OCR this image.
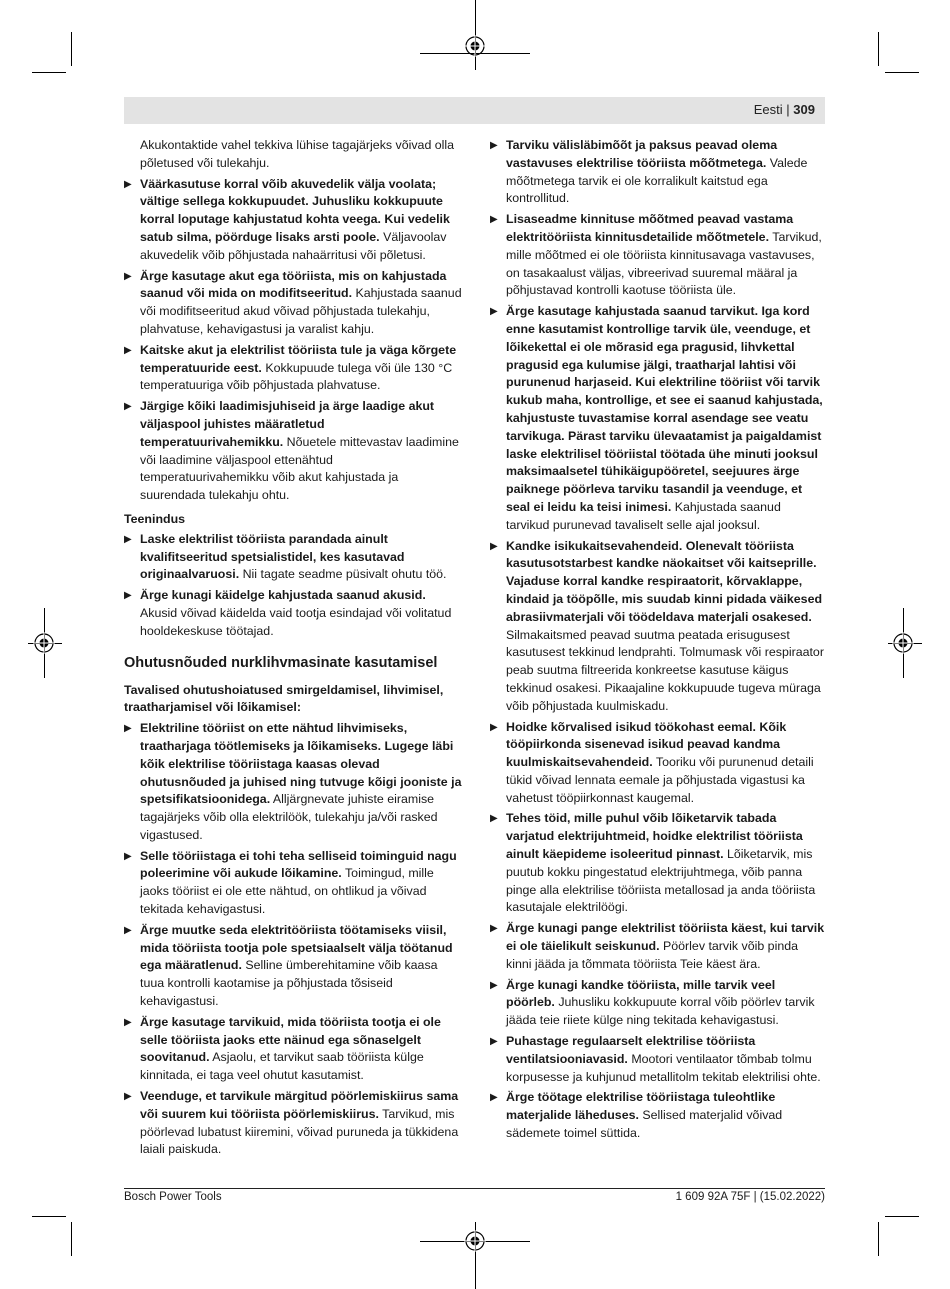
Eesti | 309
Akukontaktide vahel tekkiva lühise tagajärjeks võivad olla põletused või tulekahju.
▶ Väärkasutuse korral võib akuvedelik välja voolata; vältige sellega kokkupuudet. Juhusliku kokkupuute korral loputage kahjustatud kohta veega. Kui vedelik satub silma, pöörduge lisaks arsti poole. Väljavoolav akuvedelik võib põhjustada nahaärritusi või põletusi.
▶ Ärge kasutage akut ega tööriista, mis on kahjustada saanud või mida on modifitseeritud. Kahjustada saanud või modifitseeritud akud võivad põhjustada tulekahju, plahvatuse, kehavigastusi ja varalist kahju.
▶ Kaitske akut ja elektrilist tööriista tule ja väga kõrgete temperatuuride eest. Kokkupuude tulega või üle 130 °C temperatuuriga võib põhjustada plahvatuse.
▶ Järgige kõiki laadimisjuhiseid ja ärge laadige akut väljaspool juhistes määratletud temperatuurivahemikku. Nõuetele mittevastav laadimine või laadimine väljaspool ettenähtud temperatuurivahemikku võib akut kahjustada ja suurendada tulekahju ohtu.
Teenindus
▶ Laske elektrilist tööriista parandada ainult kvalifitseeritud spetsialistidel, kes kasutavad originaalvaruosi. Nii tagate seadme püsivalt ohutu töö.
▶ Ärge kunagi käidelge kahjustada saanud akusid. Akusid võivad käidelda vaid tootja esindajad või volitatud hooldekeskuse töötajad.
Ohutusnõuded nurklihvmasinate kasutamisel
Tavalised ohutushoiatused smirgeldamisel, lihvimisel, traatharjamisel või lõikamisel:
▶ Elektriline tööriist on ette nähtud lihvimiseks, traatharjaga töötlemiseks ja lõikamiseks. Lugege läbi kõik elektrilise tööriistaga kaasas olevad ohutusnõuded ja juhised ning tutvuge kõigi jooniste ja spetsifikatsioonidega. Alljärgnevate juhiste eiramise tagajärjeks võib olla elektrilöök, tulekahju ja/või rasked vigastused.
▶ Selle tööriistaga ei tohi teha selliseid toiminguid nagu poleerimine või aukude lõikamine. Toimingud, mille jaoks tööriist ei ole ette nähtud, on ohtlikud ja võivad tekitada kehavigastusi.
▶ Ärge muutke seda elektritööriista töötamiseks viisil, mida tööriista tootja pole spetsiaalselt välja töötanud ega määratlenud. Selline ümberehitamine võib kaasa tuua kontrolli kaotamise ja põhjustada tõsiseid kehavigastusi.
▶ Ärge kasutage tarvikuid, mida tööriista tootja ei ole selle tööriista jaoks ette näinud ega sõnaselgelt soovitanud. Asjaolu, et tarvikut saab tööriista külge kinnitada, ei taga veel ohutut kasutamist.
▶ Veenduge, et tarvikule märgitud pöörlemiskiirus sama või suurem kui tööriista pöörlemiskiirus. Tarvikud, mis pöörlevad lubatust kiiremini, võivad puruneda ja tükkidena laiali paiskuda.
▶ Tarviku välisläbimõõt ja paksus peavad olema vastavuses elektrilise tööriista mõõtmetega. Valede mõõtmetega tarvik ei ole korralikult kaitstud ega kontrollitud.
▶ Lisaseadme kinnituse mõõtmed peavad vastama elektritööriista kinnitusdetailide mõõtmetele. Tarvikud, mille mõõtmed ei ole tööriista kinnitusavaga vastavuses, on tasakaalust väljas, vibreerivad suuremal määral ja põhjustavad kontrolli kaotuse tööriista üle.
▶ Ärge kasutage kahjustada saanud tarvikut. Iga kord enne kasutamist kontrollige tarvik üle, veenduge, et lõikekettal ei ole mõrasid ega pragusid, lihvkettal pragusid ega kulumise jälgi, traatharjal lahtisi või purunenud harjaseid. Kui elektriline tööriist või tarvik kukub maha, kontrollige, et see ei saanud kahjustada, kahjustuste tuvastamise korral asendage see veatu tarvikuga. Pärast tarviku ülevaatamist ja paigaldamist laske elektrilisel tööriistal töötada ühe minuti jooksul maksimaalsetel tühikäigupööretel, seejuures ärge paiknege pöörleva tarviku tasandil ja veenduge, et seal ei leidu ka teisi inimesi. Kahjustada saanud tarvikud purunevad tavaliselt selle ajal jooksul.
▶ Kandke isikukaitsevahendeid. Olenevalt tööriista kasutusotstarbest kandke näokaitset või kaitseprille. Vajaduse korral kandke respiraatorit, kõrvaklappe, kindaid ja tööpõlle, mis suudab kinni pidada väikesed abrasiivmaterjali või töödeldava materjali osakesed. Silmakaitsmed peavad suutma peatada erisugusest kasutusest tekkinud lendprahti. Tolmumask või respiraator peab suutma filtreerida konkreetse kasutuse käigus tekkinud osakesi. Pikaajaline kokkupuude tugeva müraga võib põhjustada kuulmiskadu.
▶ Hoidke kõrvalised isikud töökohast eemal. Kõik tööpiirkonda sisenevad isikud peavad kandma kuulmiskaitsevahendeid. Tooriku või purunenud detaili tükid võivad lennata eemale ja põhjustada vigastusi ka vahetust tööpiirkonnast kaugemal.
▶ Tehes töid, mille puhul võib lõiketarvik tabada varjatud elektrijuhtmeid, hoidke elektrilist tööriista ainult käepideme isoleeritud pinnast. Lõiketarvik, mis puutub kokku pingestatud elektrijuhtmega, võib panna pinge alla elektrilise tööriista metallosad ja anda tööriista kasutajale elektrilöögi.
▶ Ärge kunagi pange elektrilist tööriista käest, kui tarvik ei ole täielikult seiskunud. Pöörlev tarvik võib pinda kinni jääda ja tõmmata tööriista Teie käest ära.
▶ Ärge kunagi kandke tööriista, mille tarvik veel pöörleb. Juhusliku kokkupuute korral võib pöörlev tarvik jääda teie riiete külge ning tekitada kehavigastusi.
▶ Puhastage regulaarselt elektrilise tööriista ventilatsiooniavasid. Mootori ventilaator tõmbab tolmu korpusesse ja kuhjunud metallitolm tekitab elektrilisi ohte.
▶ Ärge töötage elektrilise tööriistaga tuleohtlike materjalide läheduses. Sellised materjalid võivad sädemete toimel süttida.
Bosch Power Tools	1 609 92A 75F | (15.02.2022)
